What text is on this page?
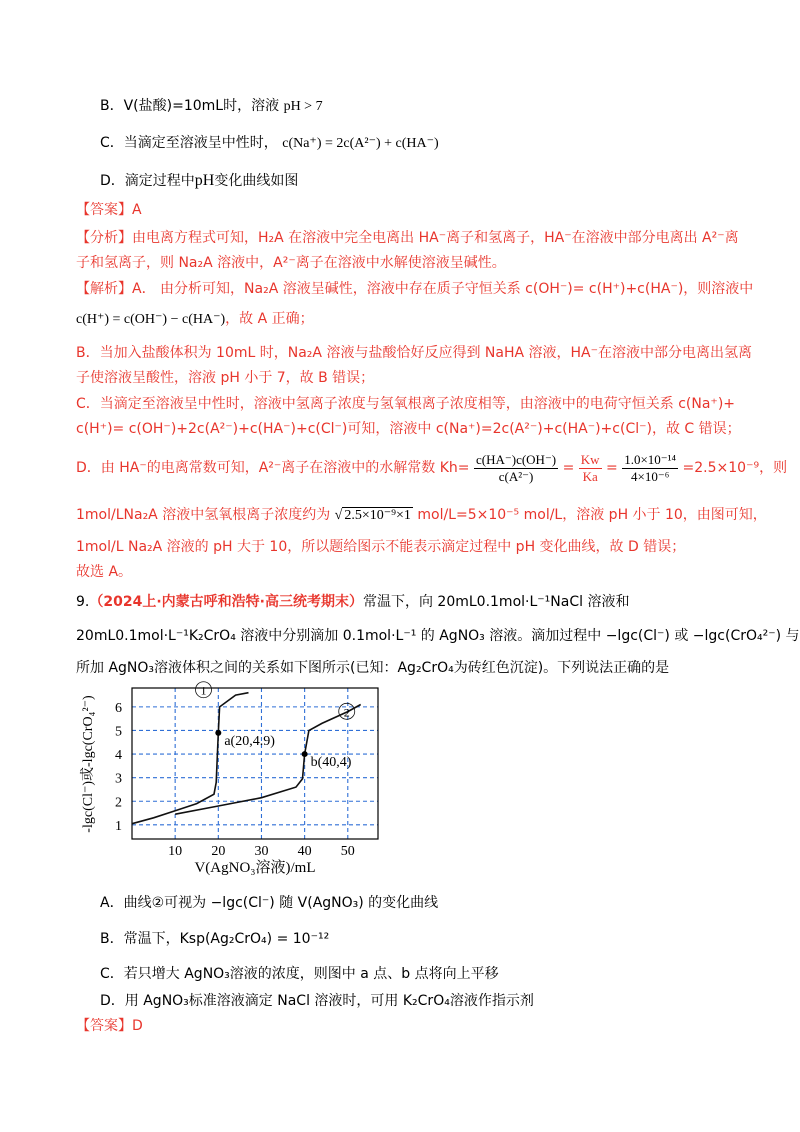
B．V(盐酸)=10mL时，溶液 pH > 7
C．当滴定至溶液呈中性时， c(Na⁺) = 2c(A²⁻) + c(HA⁻)
D．滴定过程中pH变化曲线如图
【答案】A
【分析】由电离方程式可知，H₂A 在溶液中完全电离出 HA⁻离子和氢离子，HA⁻在溶液中部分电离出 A²⁻离
子和氢离子，则 Na₂A 溶液中，A²⁻离子在溶液中水解使溶液呈碱性。
【解析】A． 由分析可知，Na₂A 溶液呈碱性，溶液中存在质子守恒关系 c(OH⁻)= c(H⁺)+c(HA⁻)，则溶液中
c(H⁺) = c(OH⁻) − c(HA⁻)，故 A 正确；
B．当加入盐酸体积为 10mL 时，Na₂A 溶液与盐酸恰好反应得到 NaHA 溶液，HA⁻在溶液中部分电离出氢离
子使溶液呈酸性，溶液 pH 小于 7，故 B 错误；
C．当滴定至溶液呈中性时，溶液中氢离子浓度与氢氧根离子浓度相等，由溶液中的电荷守恒关系 c(Na⁺)+
c(H⁺)= c(OH⁻)+2c(A²⁻)+c(HA⁻)+c(Cl⁻)可知，溶液中 c(Na⁺)=2c(A²⁻)+c(HA⁻)+c(Cl⁻)，故 C 错误；
D．由 HA⁻的电离常数可知，A²⁻离子在溶液中的水解常数 $Kh= \frac{c(HA^-)c(OH^-)}{\text{c(A²⁻)}} = \frac{Kw}{Ka} = \frac{\text{1.0×10⁻¹⁴}}{\text{4×10⁻⁶}} =2.5\times 10^{-9}$，则
1mol/LNa₂A 溶液中氢氧根离子浓度约为 √ 2.5×10⁻⁹×1 mol/L=5×10⁻⁵ mol/L，溶液 pH 小于 10，由图可知，
1mol/L Na₂A 溶液的 pH 大于 10，所以题给图示不能表示滴定过程中 pH 变化曲线，故 D 错误；
故选 A。
9.（2024上·内蒙古呼和浩特·高三统考期末）常温下，向 20mL0.1mol·L⁻¹NaCl 溶液和
20mL0.1mol·L⁻¹K₂CrO₄ 溶液中分别滴加 0.1mol·L⁻¹ 的 AgNO₃ 溶液。滴加过程中 −lgc(Cl⁻) 或 −lgc(CrO₄²⁻) 与
所加 AgNO₃溶液体积之间的关系如下图所示(已知：Ag₂CrO₄为砖红色沉淀)。下列说法正确的是
10 20 30 40 50
1
2
3
4
5
6
1
2
a(20,4.9)
b(40,4)
V(AgNO₃溶液)/mL
-lgc(Cl⁻)或-lgc(CrO₄²⁻)
A．曲线②可视为 −lgc(Cl⁻) 随 V(AgNO₃) 的变化曲线
B．常温下，Ksp(Ag₂CrO₄) = 10⁻¹²
C．若只增大 AgNO₃溶液的浓度，则图中 a 点、b 点将向上平移
D．用 AgNO₃标准溶液滴定 NaCl 溶液时，可用 K₂CrO₄溶液作指示剂
【答案】D
